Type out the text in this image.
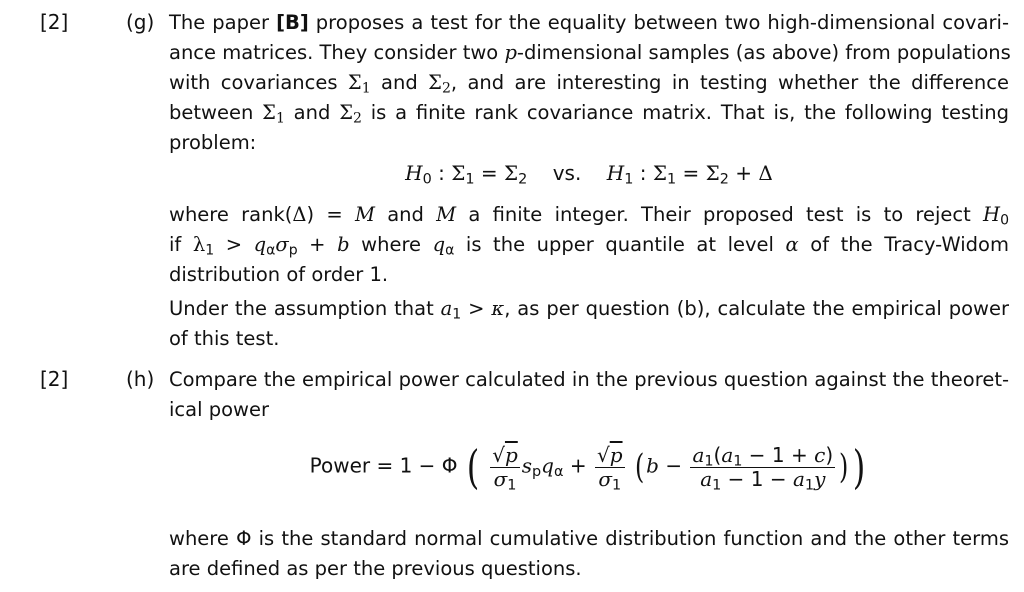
[2]	(g) The paper [B] proposes a test for the equality between two high-dimensional covari-
ance matrices. They consider two p-dimensional samples (as above) from populations
with covariances $\Sigma_1$ and $\Sigma_2$, and are interesting in testing whether the difference
between $\Sigma_1$ and $\Sigma_2$ is a finite rank covariance matrix. That is, the following testing
problem:
$H_0$ : $\Sigma_1 = \Sigma_2$    vs.    $H_1$ : $\Sigma_1 = \Sigma_2 + \Delta$
where rank(Δ) = M and M a finite integer. Their proposed test is to reject $H_0$
if $\lambda_1 > q_\alpha\sigma_p + b$ where $q_\alpha$ is the upper quantile at level α of the Tracy-Widom
distribution of order 1.
Under the assumption that $a_1 > \kappa$, as per question (b), calculate the empirical power
of this test.
[2]	(h) Compare the empirical power calculated in the previous question against the theoret-
ical power
Power = 1 − Φ ( $\frac{√p}{\sigma_1} s_pq_\alpha + \frac{√p}{\sigma_1} (b - \frac{a_1(a_1 - 1 + c)}{a_1 - 1 - a_1y}$ ) )
where Φ is the standard normal cumulative distribution function and the other terms
are defined as per the previous questions.
